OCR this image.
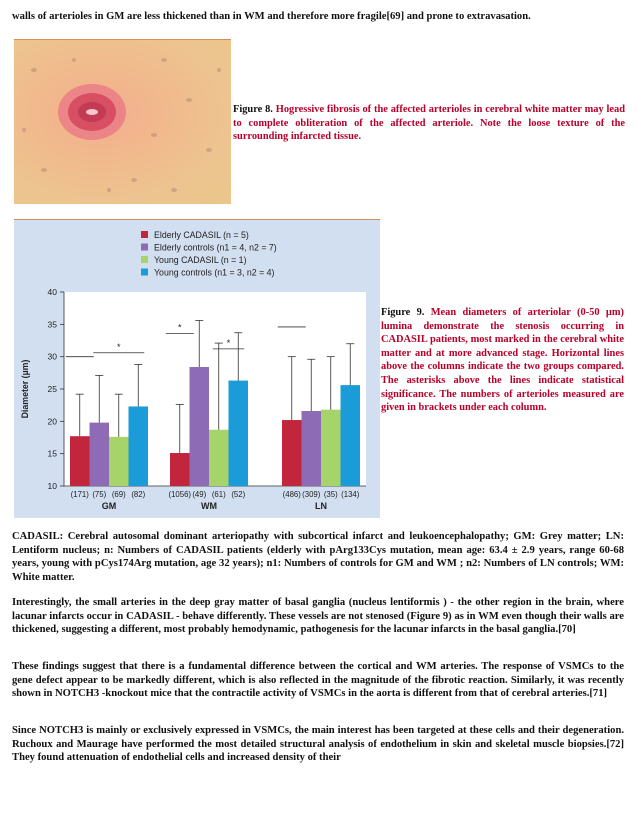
walls of arterioles in GM are less thickened than in WM and therefore more fragile[69] and prone to extravasation.

Figure 8. Hogressive fibrosis of the affected arterioles in cerebral white matter may lead to complete obliteration of the affected arteriole. Note the loose texture of the surrounding infarcted tissue.

Elderly CADASIL (n = 5)
Elderly controls (n1 = 4, n2 = 7)
Young CADASIL (n = 1)
Young controls (n1 = 3, n2 = 4)
10
15
20
25
30
35
40
Diameter (µm)
*
*
*
(171) (75) (69) (82)
GM
(1056) (49) (61) (52)
WM
(486) (309) (35) (134)
LN

Figure 9. Mean diameters of arteriolar (0-50 µm) lumina demonstrate the stenosis occurring in CADASIL patients, most marked in the cerebral white matter and at more advanced stage. Horizontal lines above the columns indicate the two groups compared. The asterisks above the lines indicate statistical significance. The numbers of arterioles measured are given in brackets under each column.

CADASIL: Cerebral autosomal dominant arteriopathy with subcortical infarct and leukoencephalopathy; GM: Grey matter; LN: Lentiform nucleus; n: Numbers of CADASIL patients (elderly with pArg133Cys mutation, mean age: 63.4 ± 2.9 years, range 60-68 years, young with pCys174Arg mutation, age 32 years); n1: Numbers of controls for GM and WM ; n2: Numbers of LN controls; WM: White matter.

Interestingly, the small arteries in the deep gray matter of basal ganglia (nucleus lentiformis ) - the other region in the brain, where lacunar infarcts occur in CADASIL - behave differently. These vessels are not stenosed (Figure 9) as in WM even though their walls are thickened, suggesting a different, most probably hemodynamic, pathogenesis for the lacunar infarcts in the basal ganglia.[70]

These findings suggest that there is a fundamental difference between the cortical and WM arteries. The response of VSMCs to the gene defect appear to be markedly different, which is also reflected in the magnitude of the fibrotic reaction. Similarly, it was recently shown in NOTCH3 -knockout mice that the contractile activity of VSMCs in the aorta is different from that of cerebral arteries.[71]

Since NOTCH3 is mainly or exclusively expressed in VSMCs, the main interest has been targeted at these cells and their degeneration. Ruchoux and Maurage have performed the most detailed structural analysis of endothelium in skin and skeletal muscle biopsies.[72] They found attenuation of endothelial cells and increased density of their
